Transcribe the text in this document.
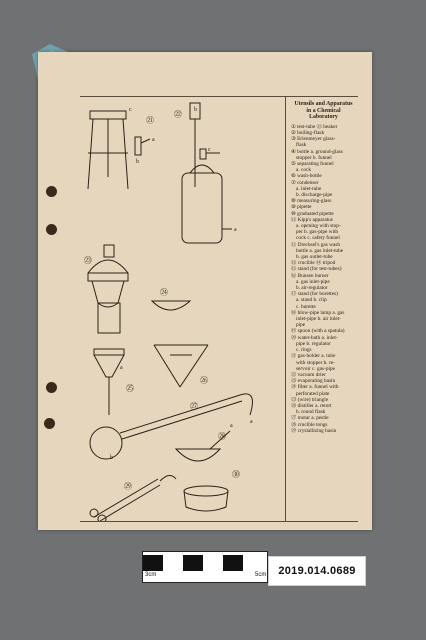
㉑
c
a
b
㉒ b
c
a
㉓
㉔
㉕
a
㉖
㉗
b
a
㉘
a
㉙
㉚
Utensils and Apparatus
in a Chemical
Laboratory
① test-tube ⑪ beaker
② boiling-flask
③ Erlenmeyer glass-
flask
④ bottle a. ground-glass
stopper b. funnel
⑤ separating funnel
a. cock
⑥ wash-bottle
⑦ condenser
a. inlet-tube
b. discharge-pipe
⑧ measuring-glass
⑨ pipette
⑩ graduated pipette
⑪ Kipp's apparatus
a. opening with stop-
per b. gas-pipe with
cock c. safety funnel
⑫ Drechsel's gas wash
bottle a. gas inlet-tube
b. gas outlet-tube
⑬ crucible ⑭ tripod
⑮ stand (for test-tubes)
⑯ Bunsen burner
a. gas inlet-pipe
b. air-regulator
⑰ stand (for burettes)
a. stand b. clip
c. burette
⑱ blow-pipe lamp a. gas
inlet-pipe b. air inlet-
pipe
⑲ spoon (with a spatula)
⑳ water-bath a. inlet-
pipe b. regulator
c. rings
㉑ gas-holder a. tube
with stopper b. re-
servoir c. gas-pipe
㉒ vacuum drier
㉓ evaporating basin
㉔ filter a. funnel with
perforated plate
㉕ (wire) triangle
㉖ distiller a. retort
b. round flask
㉗ motar a. pestle
㉘ crucible tongs
㉙ crystallizing basin
3cm	5cm	2019.014.0689
